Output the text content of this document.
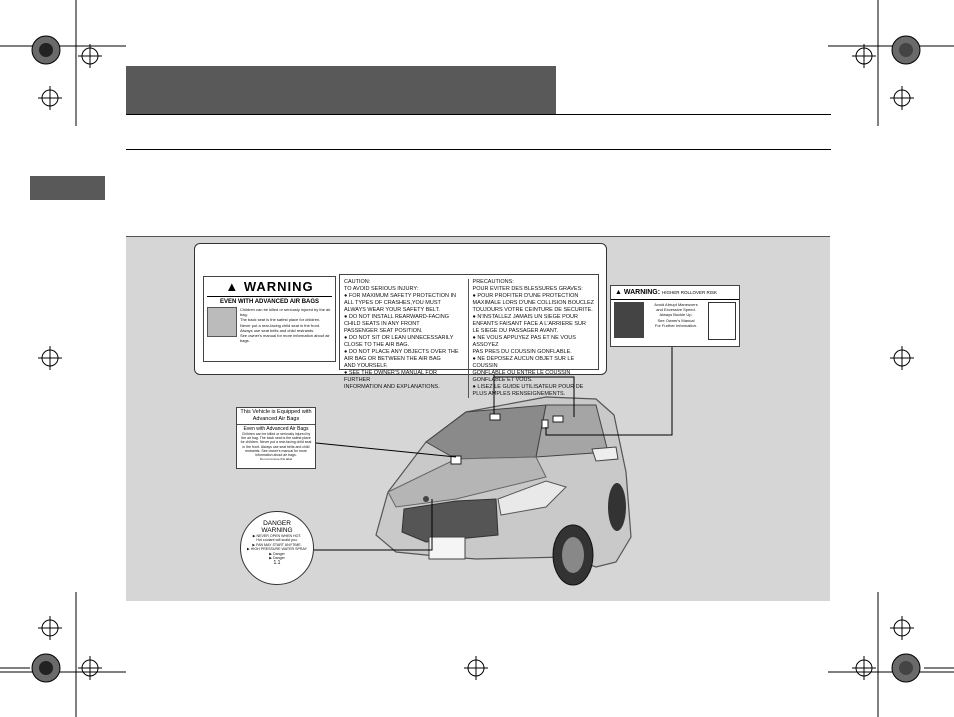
▲ WARNING
EVEN WITH ADVANCED AIR BAGS
Children can be killed or seriously injured by the air bag.
The back seat is the safest place for children.
Never put a rear-facing child seat in the front.
Always use seat belts and child restraints.
See owner's manual for more information about air bags.
CAUTION:
TO AVOID SERIOUS INJURY:
● FOR MAXIMUM SAFETY PROTECTION IN
ALL TYPES OF CRASHES,YOU MUST
ALWAYS WEAR YOUR SAFETY BELT.
● DO NOT INSTALL REARWARD-FACING
CHILD SEATS IN ANY FRONT
PASSENGER SEAT POSITION.
● DO NOT SIT OR LEAN UNNECESSARILY
CLOSE TO THE AIR BAG.
● DO NOT PLACE ANY OBJECTS OVER THE
AIR BAG OR BETWEEN THE AIR BAG
AND YOURSELF.
● SEE THE OWNER'S MANUAL FOR FURTHER
INFORMATION AND EXPLANATIONS.
PRECAUTIONS:
POUR EVITER DES BLESSURES GRAVES:
● POUR PROFITER D'UNE PROTECTION
MAXIMALE LORS D'UNE COLLISION BOUCLEZ
TOUJOURS VOTRE CEINTURE DE SECURITE.
● N'INSTALLEZ JAMAIS UN SIEGE POUR
ENFANTS FAISANT FACE A L'ARRIERE SUR
LE SIEGE DU PASSAGER AVANT.
● NE VOUS APPUYEZ PAS ET NE VOUS ASSOYEZ
PAS PRES DU COUSSIN GONFLABLE.
● NE DEPOSEZ AUCUN OBJET SUR LE COUSSIN
GONFLABLE OU ENTRE LE COUSSIN
GONFLABLE ET VOUS.
● LISEZ LE GUIDE UTILISATEUR POUR DE
PLUS AMPLES RENSEIGNEMENTS.
▲ WARNING: HIGHER ROLLOVER RISK
Avoid Abrupt Maneuvers
and Excessive Speed.
Always Buckle Up.
See Owner's Manual
For Further Information.
This Vehicle is Equipped with Advanced Air Bags
Even with Advanced Air Bags
Children can be killed or seriously injured by the air bag. The back seat is the safest place for children. Never put a rear-facing child seat in the front. Always use seat belts and child restraints. See owner's manual for more information about air bags.
Do not remove this label
DANGER
WARNING
▶ NEVER OPEN WHEN HOT.
Hot coolant will scald you.
▶ FAN MAY START ANYTIME.
▶ HIGH PRESSURE WATER SPRAY
▶ Danger
▶ Danger
1.1
